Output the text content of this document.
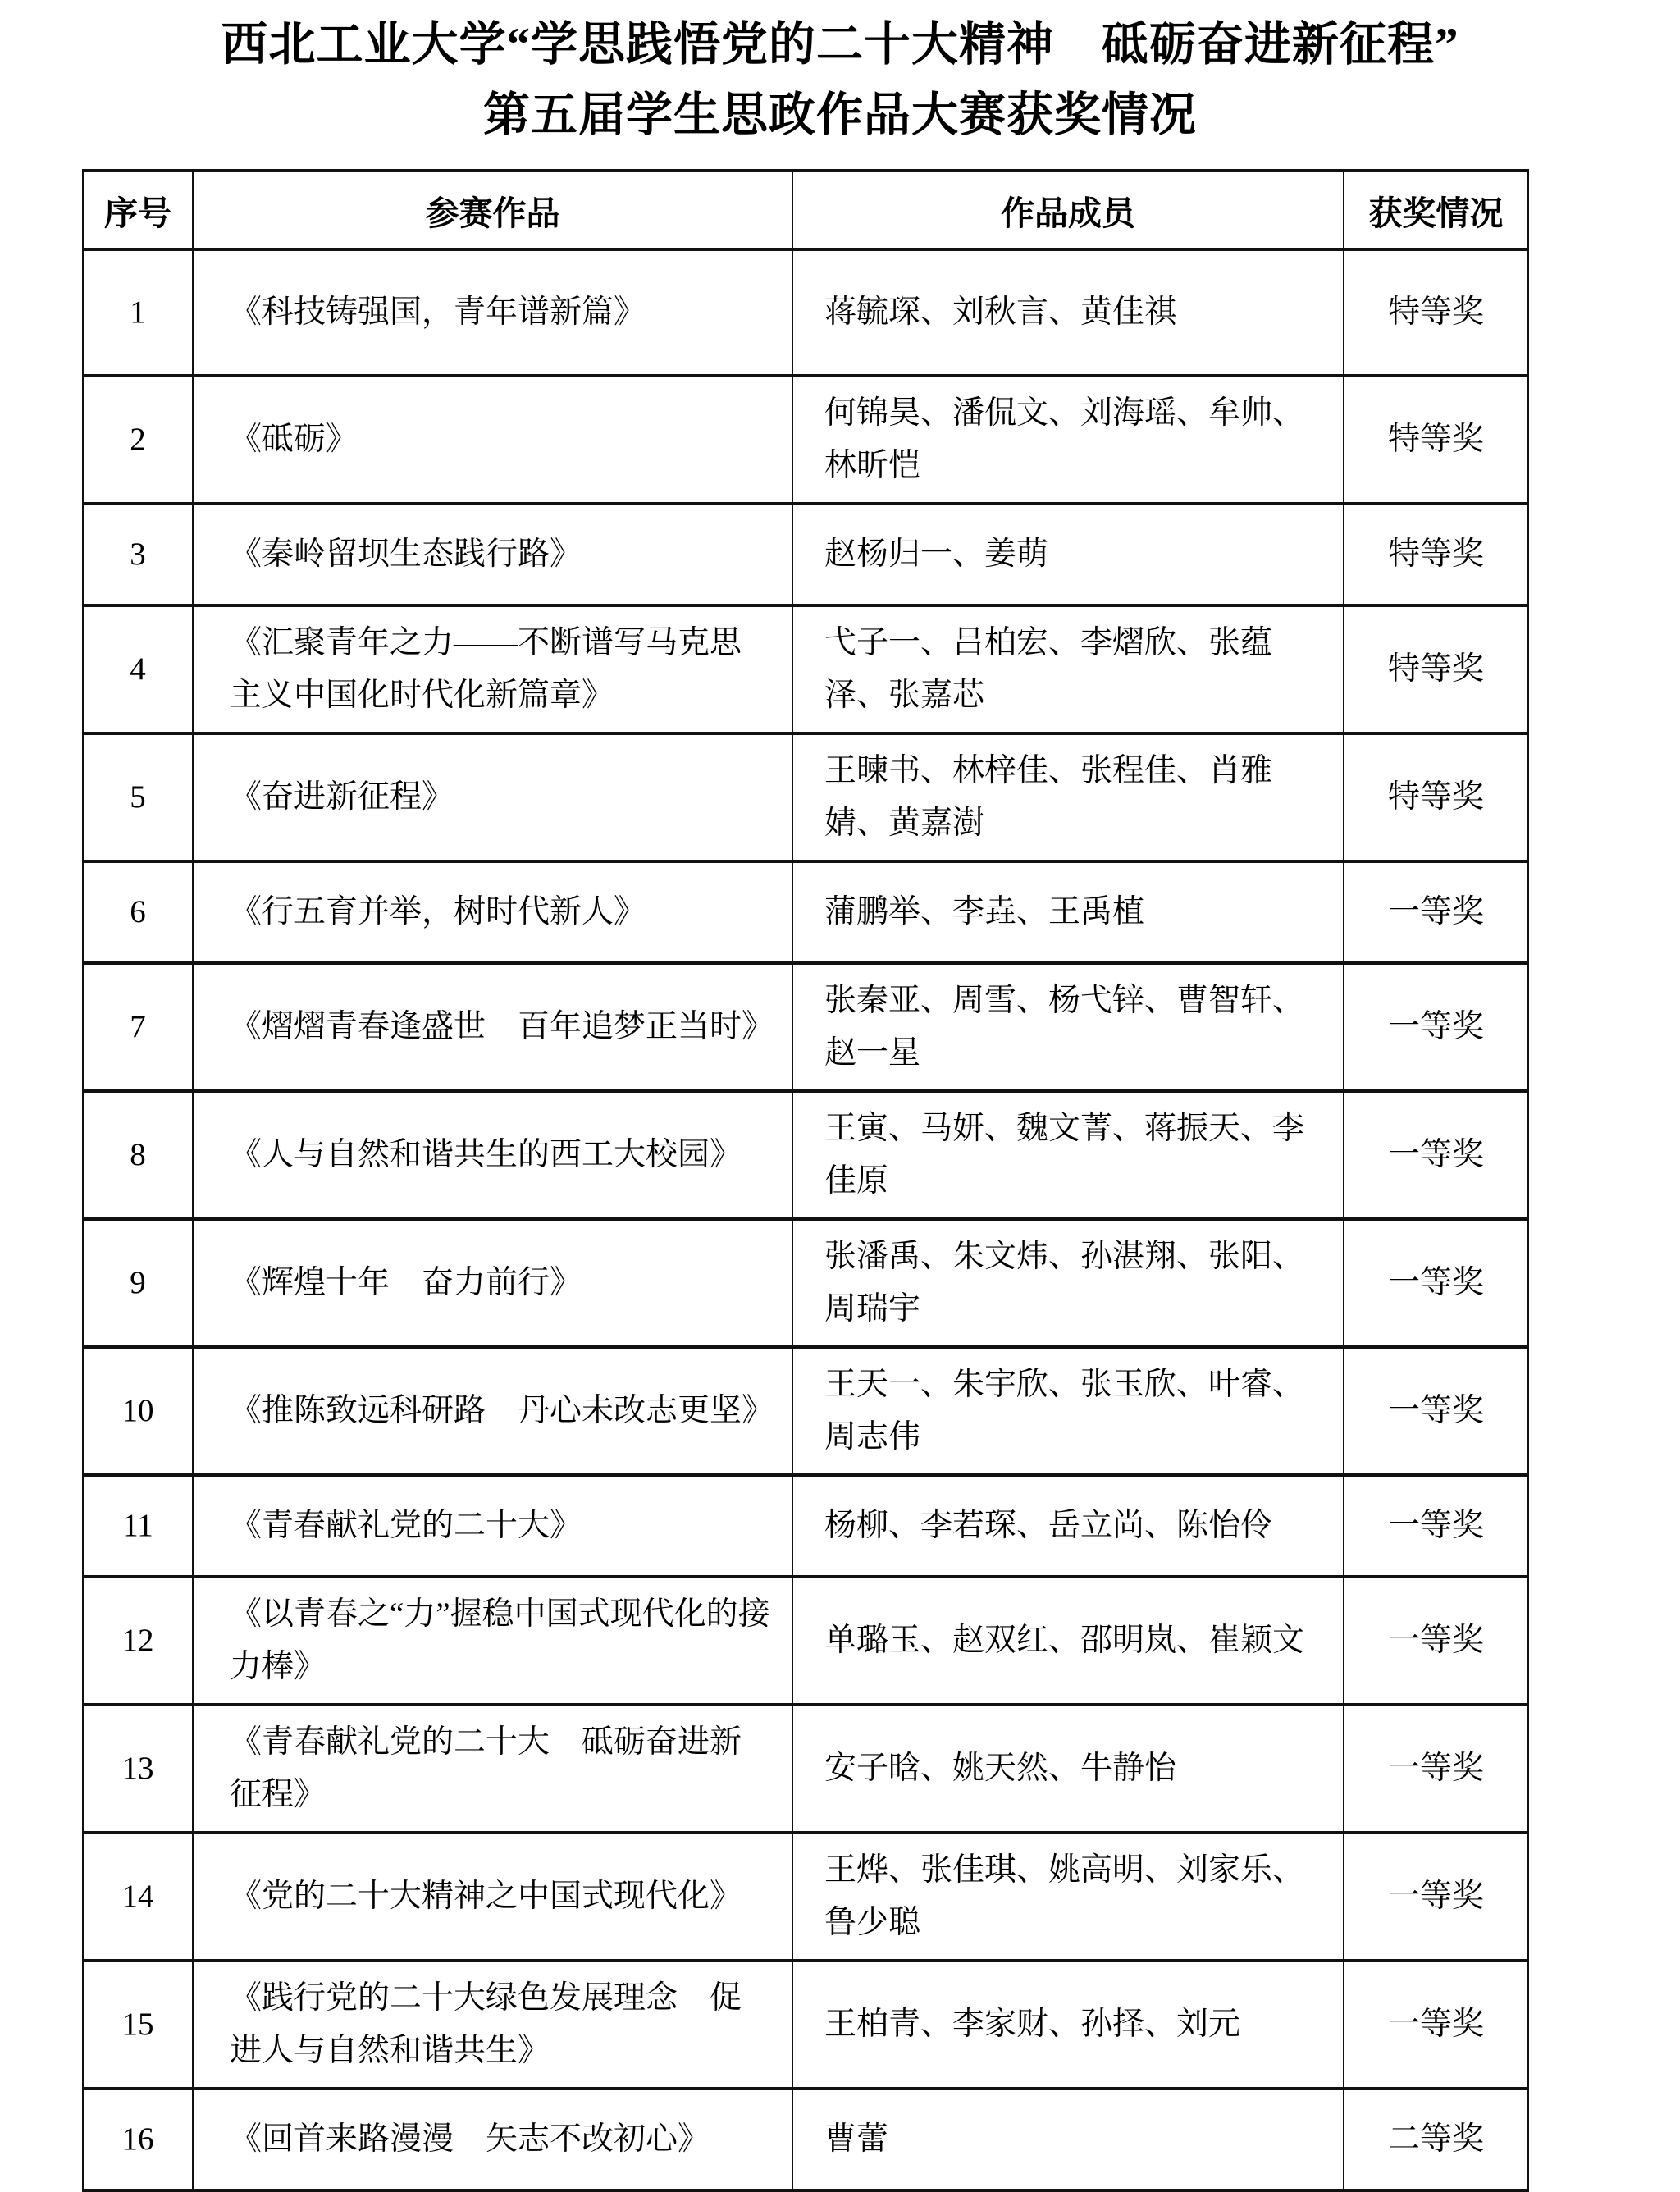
西北工业大学“学思践悟党的二十大精神　砥砺奋进新征程”
第五届学生思政作品大赛获奖情况
序号	参赛作品	作品成员	获奖情况
1	《科技铸强国，青年谱新篇》	蒋毓琛、刘秋言、黄佳祺	特等奖
2	《砥砺》	何锦昊、潘侃文、刘海瑶、牟帅、林昕恺	特等奖
3	《秦岭留坝生态践行路》	赵杨归一、姜萌	特等奖
4	《汇聚青年之力——不断谱写马克思主义中国化时代化新篇章》	弋子一、吕柏宏、李熠欣、张蕴泽、张嘉芯	特等奖
5	《奋进新征程》	王暕书、林梓佳、张程佳、肖雅婧、黄嘉澍	特等奖
6	《行五育并举，树时代新人》	蒲鹏举、李垚、王禹植	一等奖
7	《熠熠青春逢盛世　百年追梦正当时》	张秦亚、周雪、杨弋锌、曹智轩、赵一星	一等奖
8	《人与自然和谐共生的西工大校园》	王寅、马妍、魏文菁、蒋振天、李佳原	一等奖
9	《辉煌十年　奋力前行》	张潘禹、朱文炜、孙湛翔、张阳、周瑞宇	一等奖
10	《推陈致远科研路　丹心未改志更坚》	王天一、朱宇欣、张玉欣、叶睿、周志伟	一等奖
11	《青春献礼党的二十大》	杨柳、李若琛、岳立尚、陈怡伶	一等奖
12	《以青春之“力”握稳中国式现代化的接力棒》	单璐玉、赵双红、邵明岚、崔颖文	一等奖
13	《青春献礼党的二十大　砥砺奋进新征程》	安子晗、姚天然、牛静怡	一等奖
14	《党的二十大精神之中国式现代化》	王烨、张佳琪、姚高明、刘家乐、鲁少聪	一等奖
15	《践行党的二十大绿色发展理念　促进人与自然和谐共生》	王柏青、李家财、孙择、刘元	一等奖
16	《回首来路漫漫　矢志不改初心》	曹蕾	二等奖
